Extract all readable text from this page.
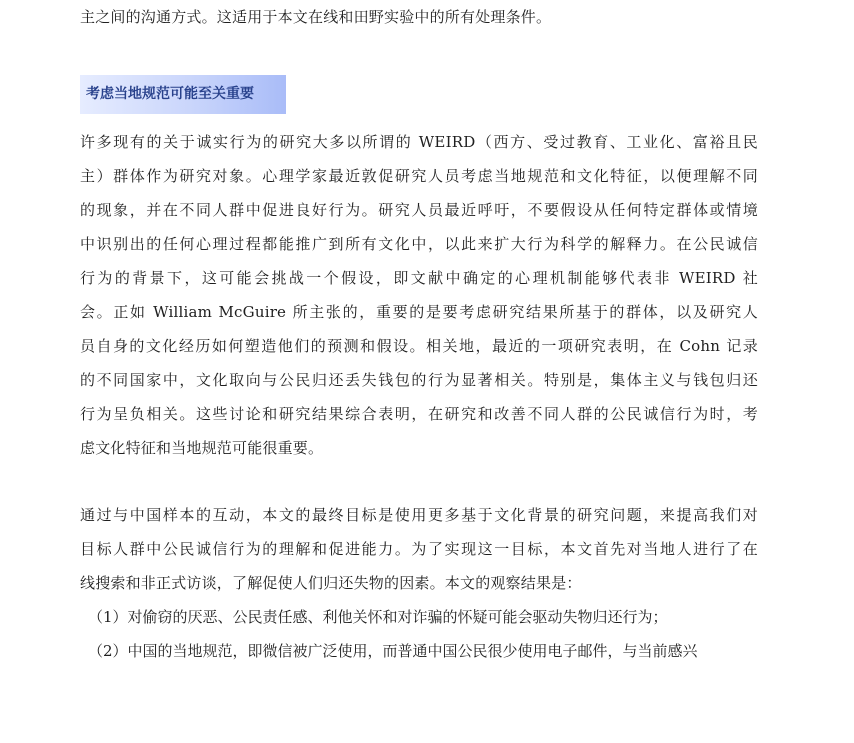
主之间的沟通方式。这适用于本文在线和田野实验中的所有处理条件。

考虑当地规范可能至关重要

许多现有的关于诚实行为的研究大多以所谓的 WEIRD（西方、受过教育、工业化、富裕且民
主）群体作为研究对象。心理学家最近敦促研究人员考虑当地规范和文化特征，以便理解不同
的现象，并在不同人群中促进良好行为。研究人员最近呼吁，不要假设从任何特定群体或情境
中识别出的任何心理过程都能推广到所有文化中，以此来扩大行为科学的解释力。在公民诚信
行为的背景下，这可能会挑战一个假设，即文献中确定的心理机制能够代表非 WEIRD 社
会。正如 William McGuire 所主张的，重要的是要考虑研究结果所基于的群体，以及研究人
员自身的文化经历如何塑造他们的预测和假设。相关地，最近的一项研究表明，在 Cohn 记录
的不同国家中，文化取向与公民归还丢失钱包的行为显著相关。特别是，集体主义与钱包归还
行为呈负相关。这些讨论和研究结果综合表明，在研究和改善不同人群的公民诚信行为时，考
虑文化特征和当地规范可能很重要。

通过与中国样本的互动，本文的最终目标是使用更多基于文化背景的研究问题，来提高我们对
目标人群中公民诚信行为的理解和促进能力。为了实现这一目标，本文首先对当地人进行了在
线搜索和非正式访谈，了解促使人们归还失物的因素。本文的观察结果是：

（1）对偷窃的厌恶、公民责任感、利他关怀和对诈骗的怀疑可能会驱动失物归还行为；

（2）中国的当地规范，即微信被广泛使用，而普通中国公民很少使用电子邮件，与当前感兴
